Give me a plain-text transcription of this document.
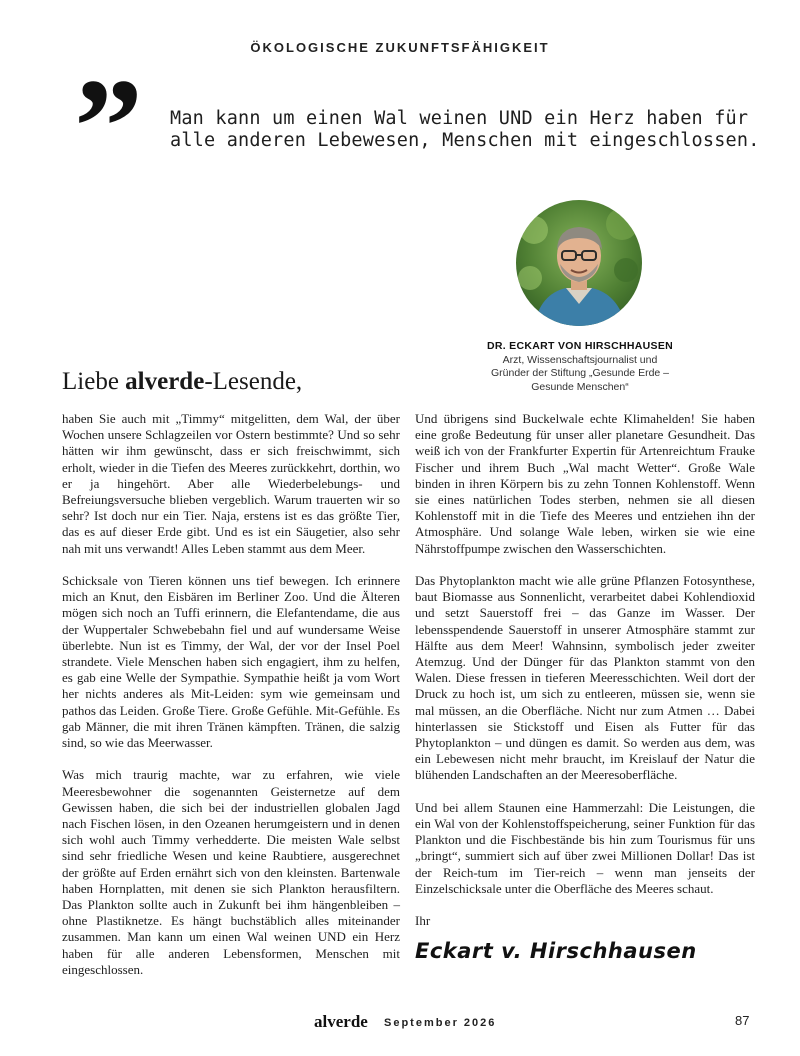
ÖKOLOGISCHE ZUKUNFTSFÄHIGKEIT
” Man kann um einen Wal weinen UND ein Herz haben für alle anderen Lebewesen, Menschen mit eingeschlossen.
DR. ECKART VON HIRSCHHAUSEN
Arzt, Wissenschaftsjournalist und
Gründer der Stiftung „Gesunde Erde –
Gesunde Menschen“
Liebe alverde-Lesende,

haben Sie auch mit „Timmy“ mitgelitten, dem Wal, der über Wochen unsere Schlagzeilen vor Ostern bestimmte? Und so sehr hätten wir ihm gewünscht, dass er sich freischwimmt, sich erholt, wieder in die Tiefen des Meeres zurückkehrt, dorthin, wo er ja hingehört. Aber alle Wiederbelebungs- und Befreiungsversuche blieben vergeblich. Warum trauerten wir so sehr? Ist doch nur ein Tier. Naja, erstens ist es das größte Tier, das es auf dieser Erde gibt. Und es ist ein Säugetier, also sehr nah mit uns verwandt! Alles Leben stammt aus dem Meer.

Schicksale von Tieren können uns tief bewegen. Ich erinnere mich an Knut, den Eisbären im Berliner Zoo. Und die Älteren mögen sich noch an Tuffi erinnern, die Elefantendame, die aus der Wuppertaler Schwebebahn fiel und auf wundersame Weise überlebte. Nun ist es Timmy, der Wal, der vor der Insel Poel strandete. Viele Menschen haben sich engagiert, ihm zu helfen, es gab eine Welle der Sympathie. Sympathie heißt ja vom Wort her nichts anderes als Mit-Leiden: sym wie gemeinsam und pathos das Leiden. Große Tiere. Große Gefühle. Mit-Gefühle. Es gab Männer, die mit ihren Tränen kämpften. Tränen, die salzig sind, so wie das Meerwasser.

Was mich traurig machte, war zu erfahren, wie viele Meeresbewohner die sogenannten Geisternetze auf dem Gewissen haben, die sich bei der industriellen globalen Jagd nach Fischen lösen, in den Ozeanen herumgeistern und in denen sich wohl auch Timmy verhedderte. Die meisten Wale selbst sind sehr friedliche Wesen und keine Raubtiere, ausgerechnet der größte auf Erden ernährt sich von den kleinsten. Bartenwale haben Hornplatten, mit denen sie sich Plankton herausfiltern. Das Plankton sollte auch in Zukunft bei ihm hängenbleiben – ohne Plastiknetze. Es hängt buchstäblich alles miteinander zusammen. Man kann um einen Wal weinen UND ein Herz haben für alle anderen Lebensformen, Menschen mit eingeschlossen.

Und übrigens sind Buckelwale echte Klimahelden! Sie haben eine große Bedeutung für unser aller planetare Gesundheit. Das weiß ich von der Frankfurter Expertin für Artenreichtum Frauke Fischer und ihrem Buch „Wal macht Wetter“. Große Wale binden in ihren Körpern bis zu zehn Tonnen Kohlenstoff. Wenn sie eines natürlichen Todes sterben, nehmen sie all diesen Kohlenstoff mit in die Tiefe des Meeres und entziehen ihn der Atmosphäre. Und solange Wale leben, wirken sie wie eine Nährstoffpumpe zwischen den Wasserschichten.

Das Phytoplankton macht wie alle grüne Pflanzen Fotosynthese, baut Biomasse aus Sonnenlicht, verarbeitet dabei Kohlendioxid und setzt Sauerstoff frei – das Ganze im Wasser. Der lebensspendende Sauerstoff in unserer Atmosphäre stammt zur Hälfte aus dem Meer! Wahnsinn, symbolisch jeder zweiter Atemzug. Und der Dünger für das Plankton stammt von den Walen. Diese fressen in tieferen Meeresschichten. Weil dort der Druck zu hoch ist, um sich zu entleeren, müssen sie, wenn sie mal müssen, an die Oberfläche. Nicht nur zum Atmen … Dabei hinterlassen sie Stickstoff und Eisen als Futter für das Phytoplankton – und düngen es damit. So werden aus dem, was ein Lebewesen nicht mehr braucht, im Kreislauf der Natur die blühenden Landschaften an der Meeresoberfläche.

Und bei allem Staunen eine Hammerzahl: Die Leistungen, die ein Wal von der Kohlenstoffspeicherung, seiner Funktion für das Plankton und die Fischbestände bis hin zum Tourismus für uns „bringt“, summiert sich auf über zwei Millionen Dollar! Das ist der Reich-tum im Tier-reich – wenn man jenseits der Einzelschicksale unter die Oberfläche des Meeres schaut.

Ihr

Eckart v. Hirschhausen
alverde September 2026	87
